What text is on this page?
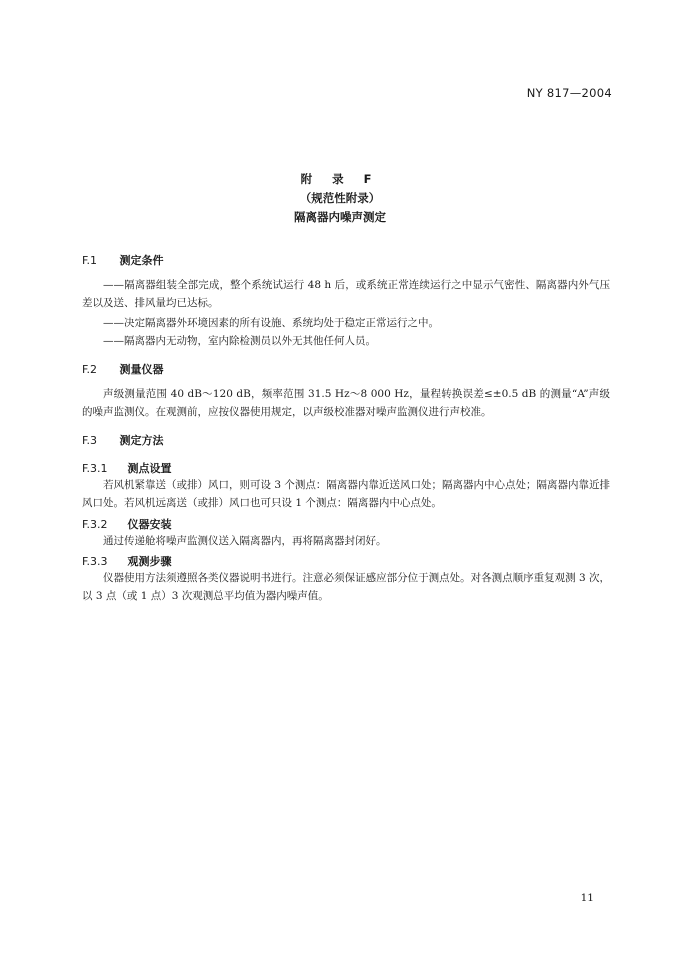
NY 817—2004
附 录 F
（规范性附录）
隔离器内噪声测定
F.1 测定条件

——隔离器组装全部完成，整个系统试运行 48 h 后，或系统正常连续运行之中显示气密性、隔离器内外气压差以及送、排风量均已达标。

——决定隔离器外环境因素的所有设施、系统均处于稳定正常运行之中。

——隔离器内无动物，室内除检测员以外无其他任何人员。

F.2 测量仪器

声级测量范围 40 dB～120 dB，频率范围 31.5 Hz～8 000 Hz，量程转换误差≤±0.5 dB 的测量“A”声级的噪声监测仪。在观测前，应按仪器使用规定，以声级校准器对噪声监测仪进行声校准。

F.3 测定方法
F.3.1 测点设置

若风机紧靠送（或排）风口，则可设 3 个测点：隔离器内靠近送风口处；隔离器内中心点处；隔离器内靠近排风口处。若风机远离送（或排）风口也可只设 1 个测点：隔离器内中心点处。

F.3.2 仪器安装

通过传递舱将噪声监测仪送入隔离器内，再将隔离器封闭好。

F.3.3 观测步骤

仪器使用方法须遵照各类仪器说明书进行。注意必须保证感应部分位于测点处。对各测点顺序重复观测 3 次，以 3 点（或 1 点）3 次观测总平均值为器内噪声值。

11
